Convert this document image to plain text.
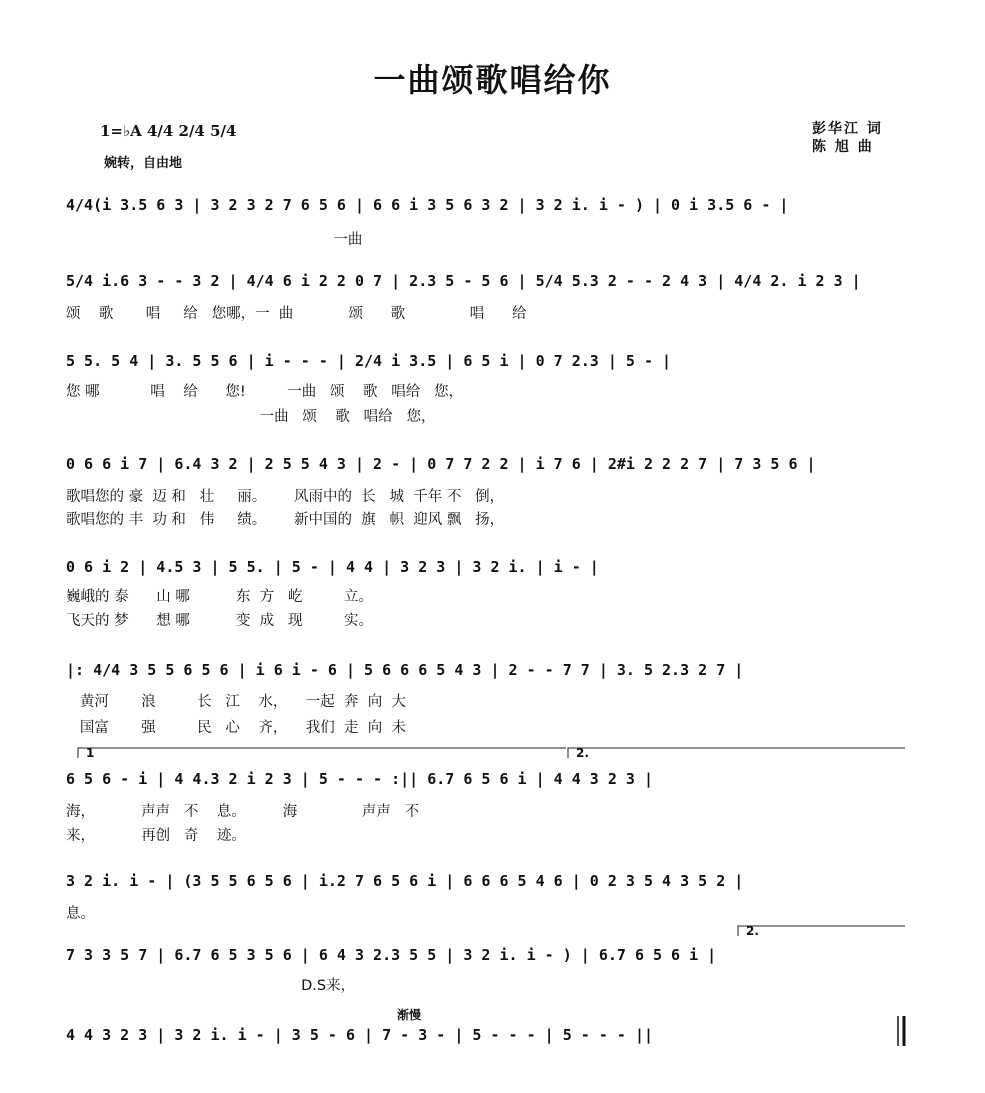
一曲颂歌唱给你
1=♭A 4/4 2/4 5/4
婉转，自由地
彭华江 词
陈 旭 曲
4/4(i 3.5 6 3 | 3 2 3 2 7 6 5 6 | 6 6 i 3 5 6 3 2 | 3 2 i. i - ) | 0 i 3.5 6 - |
一曲
5/4 i.6 3 - - 3 2 | 4/4 6 i 2 2 0 7 | 2.3 5 - 5 6 | 5/4 5.3 2 - - 2 4 3 | 4/4 2. i 2 3 |
颂    歌       唱     给   您哪，一  曲            颂      歌              唱      给
5 5. 5 4 | 3. 5 5 6 | i - - - | 2/4 i 3.5 | 6 5 i | 0 7 2.3 | 5 - |
您 哪           唱    给      您!         一曲   颂    歌   唱给   您，
一曲   颂    歌   唱给   您，
0 6 6 i 7 | 6.4 3 2 | 2 5 5 4 3 | 2 - | 0 7 7 2 2 | i 7 6 | 2#i 2 2 2 7 | 7 3 5 6 |
歌唱您的 豪  迈 和   壮     丽。      风雨中的  长   城  千年 不   倒，
歌唱您的 丰  功 和   伟     绩。      新中国的  旗   帜  迎风 飘   扬，
0 6 i 2 | 4.5 3 | 5 5. | 5 - | 4 4 | 3 2 3 | 3 2 i. | i - |
巍峨的 泰      山 哪          东  方   屹         立。
飞天的 梦      想 哪          变  成   现         实。
|: 4/4 3 5 5 6 5 6 | i 6 i - 6 | 5 6 6 6 5 4 3 | 2 - - 7 7 | 3. 5 2.3 2 7 |
黄河       浪         长   江    水，    一起  奔  向  大
国富       强         民   心    齐，    我们  走  向  未
1	2.
6 5 6 - i | 4 4.3 2 i 2 3 | 5 - - - :|| 6.7 6 5 6 i | 4 4 3 2 3 |
海，          声声   不    息。        海              声声   不
来，          再创   奇    迹。
3 2 i. i - | (3 5 5 6 5 6 | i.2 7 6 5 6 i | 6 6 6 5 4 6 | 0 2 3 5 4 3 5 2 |
息。
2.
7 3 3 5 7 | 6.7 6 5 3 5 6 | 6 4 3 2.3 5 5 | 3 2 i. i - ) | 6.7 6 5 6 i |
D.S来，
渐慢
4 4 3 2 3 | 3 2 i. i - | 3 5 - 6 | 7 - 3 - | 5 - - - | 5 - - - ||
